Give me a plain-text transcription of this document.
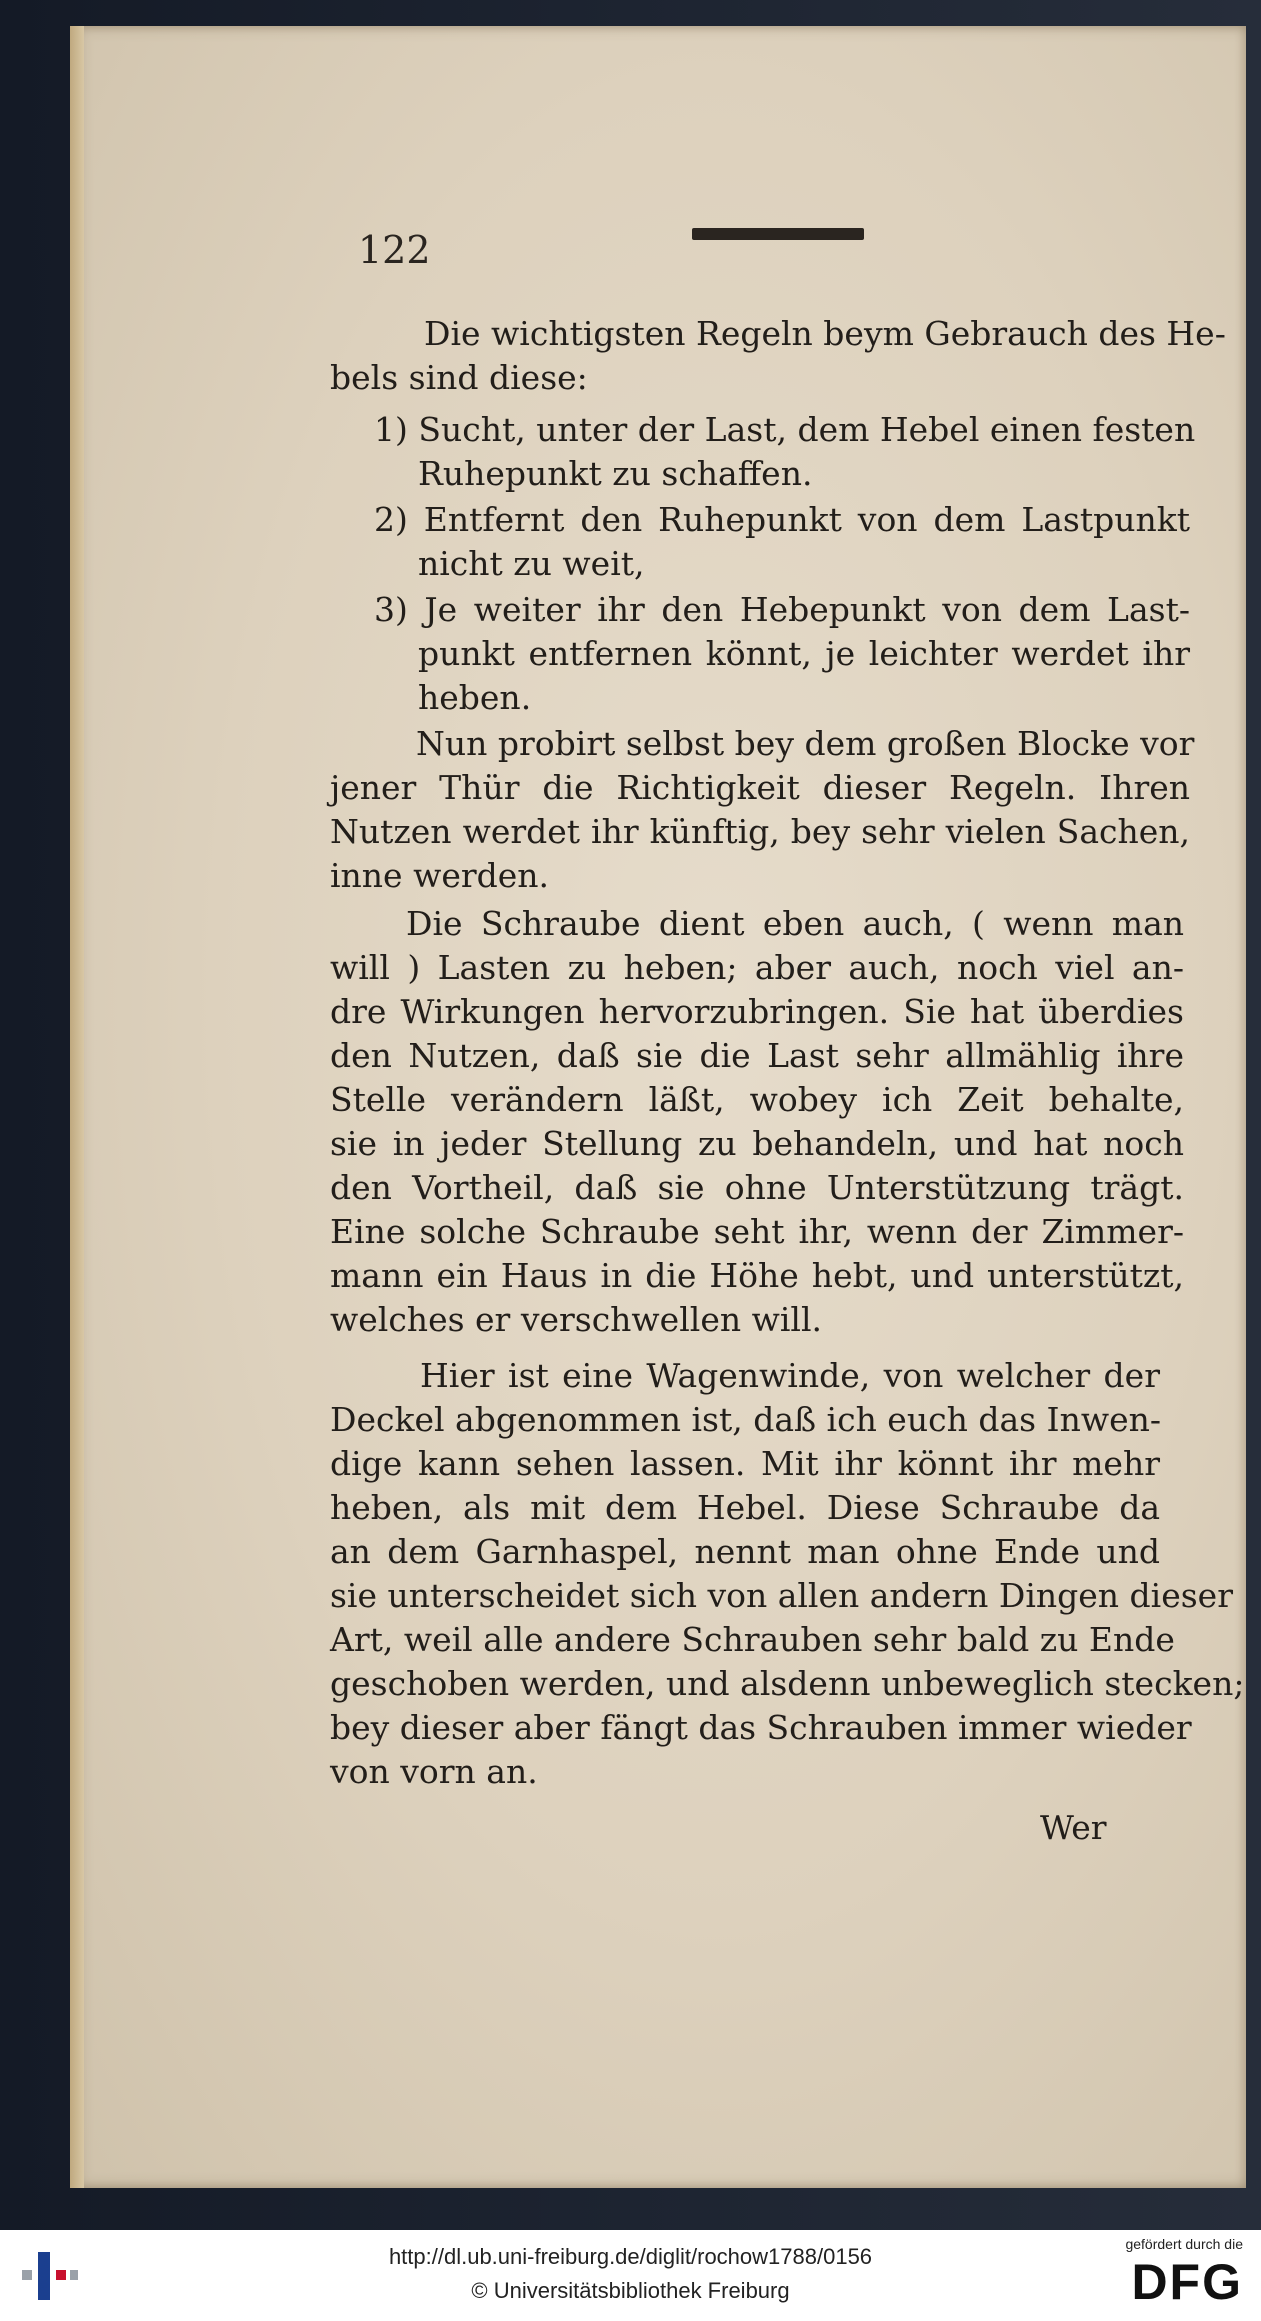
122
Die wichtigsten Regeln beym Gebrauch des He-
bels sind diese:
1) Sucht, unter der Last, dem Hebel einen festen
Ruhepunkt zu schaffen.
2) Entfernt den Ruhepunkt von dem Lastpunkt
nicht zu weit,
3) Je weiter ihr den Hebepunkt von dem Last-
punkt entfernen könnt, je leichter werdet ihr
heben.
Nun probirt selbst bey dem großen Blocke vor
jener Thür die Richtigkeit dieser Regeln. Ihren
Nutzen werdet ihr künftig, bey sehr vielen Sachen,
inne werden.
Die Schraube dient eben auch, ( wenn man
will ) Lasten zu heben; aber auch, noch viel an-
dre Wirkungen hervorzubringen. Sie hat überdies
den Nutzen, daß sie die Last sehr allmählig ihre
Stelle verändern läßt, wobey ich Zeit behalte,
sie in jeder Stellung zu behandeln, und hat noch
den Vortheil, daß sie ohne Unterstützung trägt.
Eine solche Schraube seht ihr, wenn der Zimmer-
mann ein Haus in die Höhe hebt, und unterstützt,
welches er verschwellen will.
Hier ist eine Wagenwinde, von welcher der
Deckel abgenommen ist, daß ich euch das Inwen-
dige kann sehen lassen. Mit ihr könnt ihr mehr
heben, als mit dem Hebel. Diese Schraube da
an dem Garnhaspel, nennt man ohne Ende und
sie unterscheidet sich von allen andern Dingen dieser
Art, weil alle andere Schrauben sehr bald zu Ende
geschoben werden, und alsdenn unbeweglich stecken;
bey dieser aber fängt das Schrauben immer wieder
von vorn an.
Wer
http://dl.ub.uni-freiburg.de/diglit/rochow1788/0156
© Universitätsbibliothek Freiburg
gefördert durch die
DFG
